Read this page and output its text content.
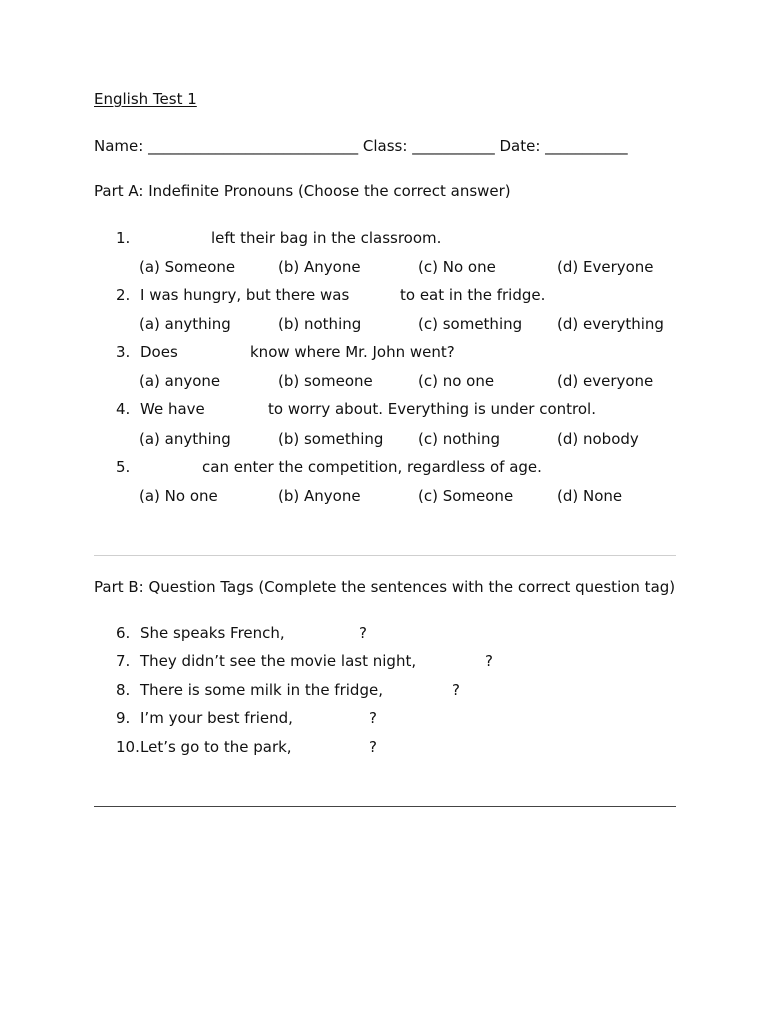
English Test 1
Name: ____________________________ Class: ___________ Date: ___________
Part A: Indefinite Pronouns (Choose the correct answer)
1.	left their bag in the classroom.
(a) Someone	(b) Anyone	(c) No one	(d) Everyone
2. I was hungry, but there was	to eat in the fridge.
(a) anything	(b) nothing	(c) something (d) everything
3. Does	know where Mr. John went?
(a) anyone	(b) someone	(c) no one	(d) everyone
4. We have	to worry about. Everything is under control.
(a) anything	(b) something (c) nothing	(d) nobody
5.	can enter the competition, regardless of age.
(a) No one	(b) Anyone	(c) Someone	(d) None
Part B: Question Tags (Complete the sentences with the correct question tag)
6. She speaks French,	?
7. They didn’t see the movie last night,	?
8. There is some milk in the fridge,	?
9. I’m your best friend,	?
10. Let’s go to the park,	?
